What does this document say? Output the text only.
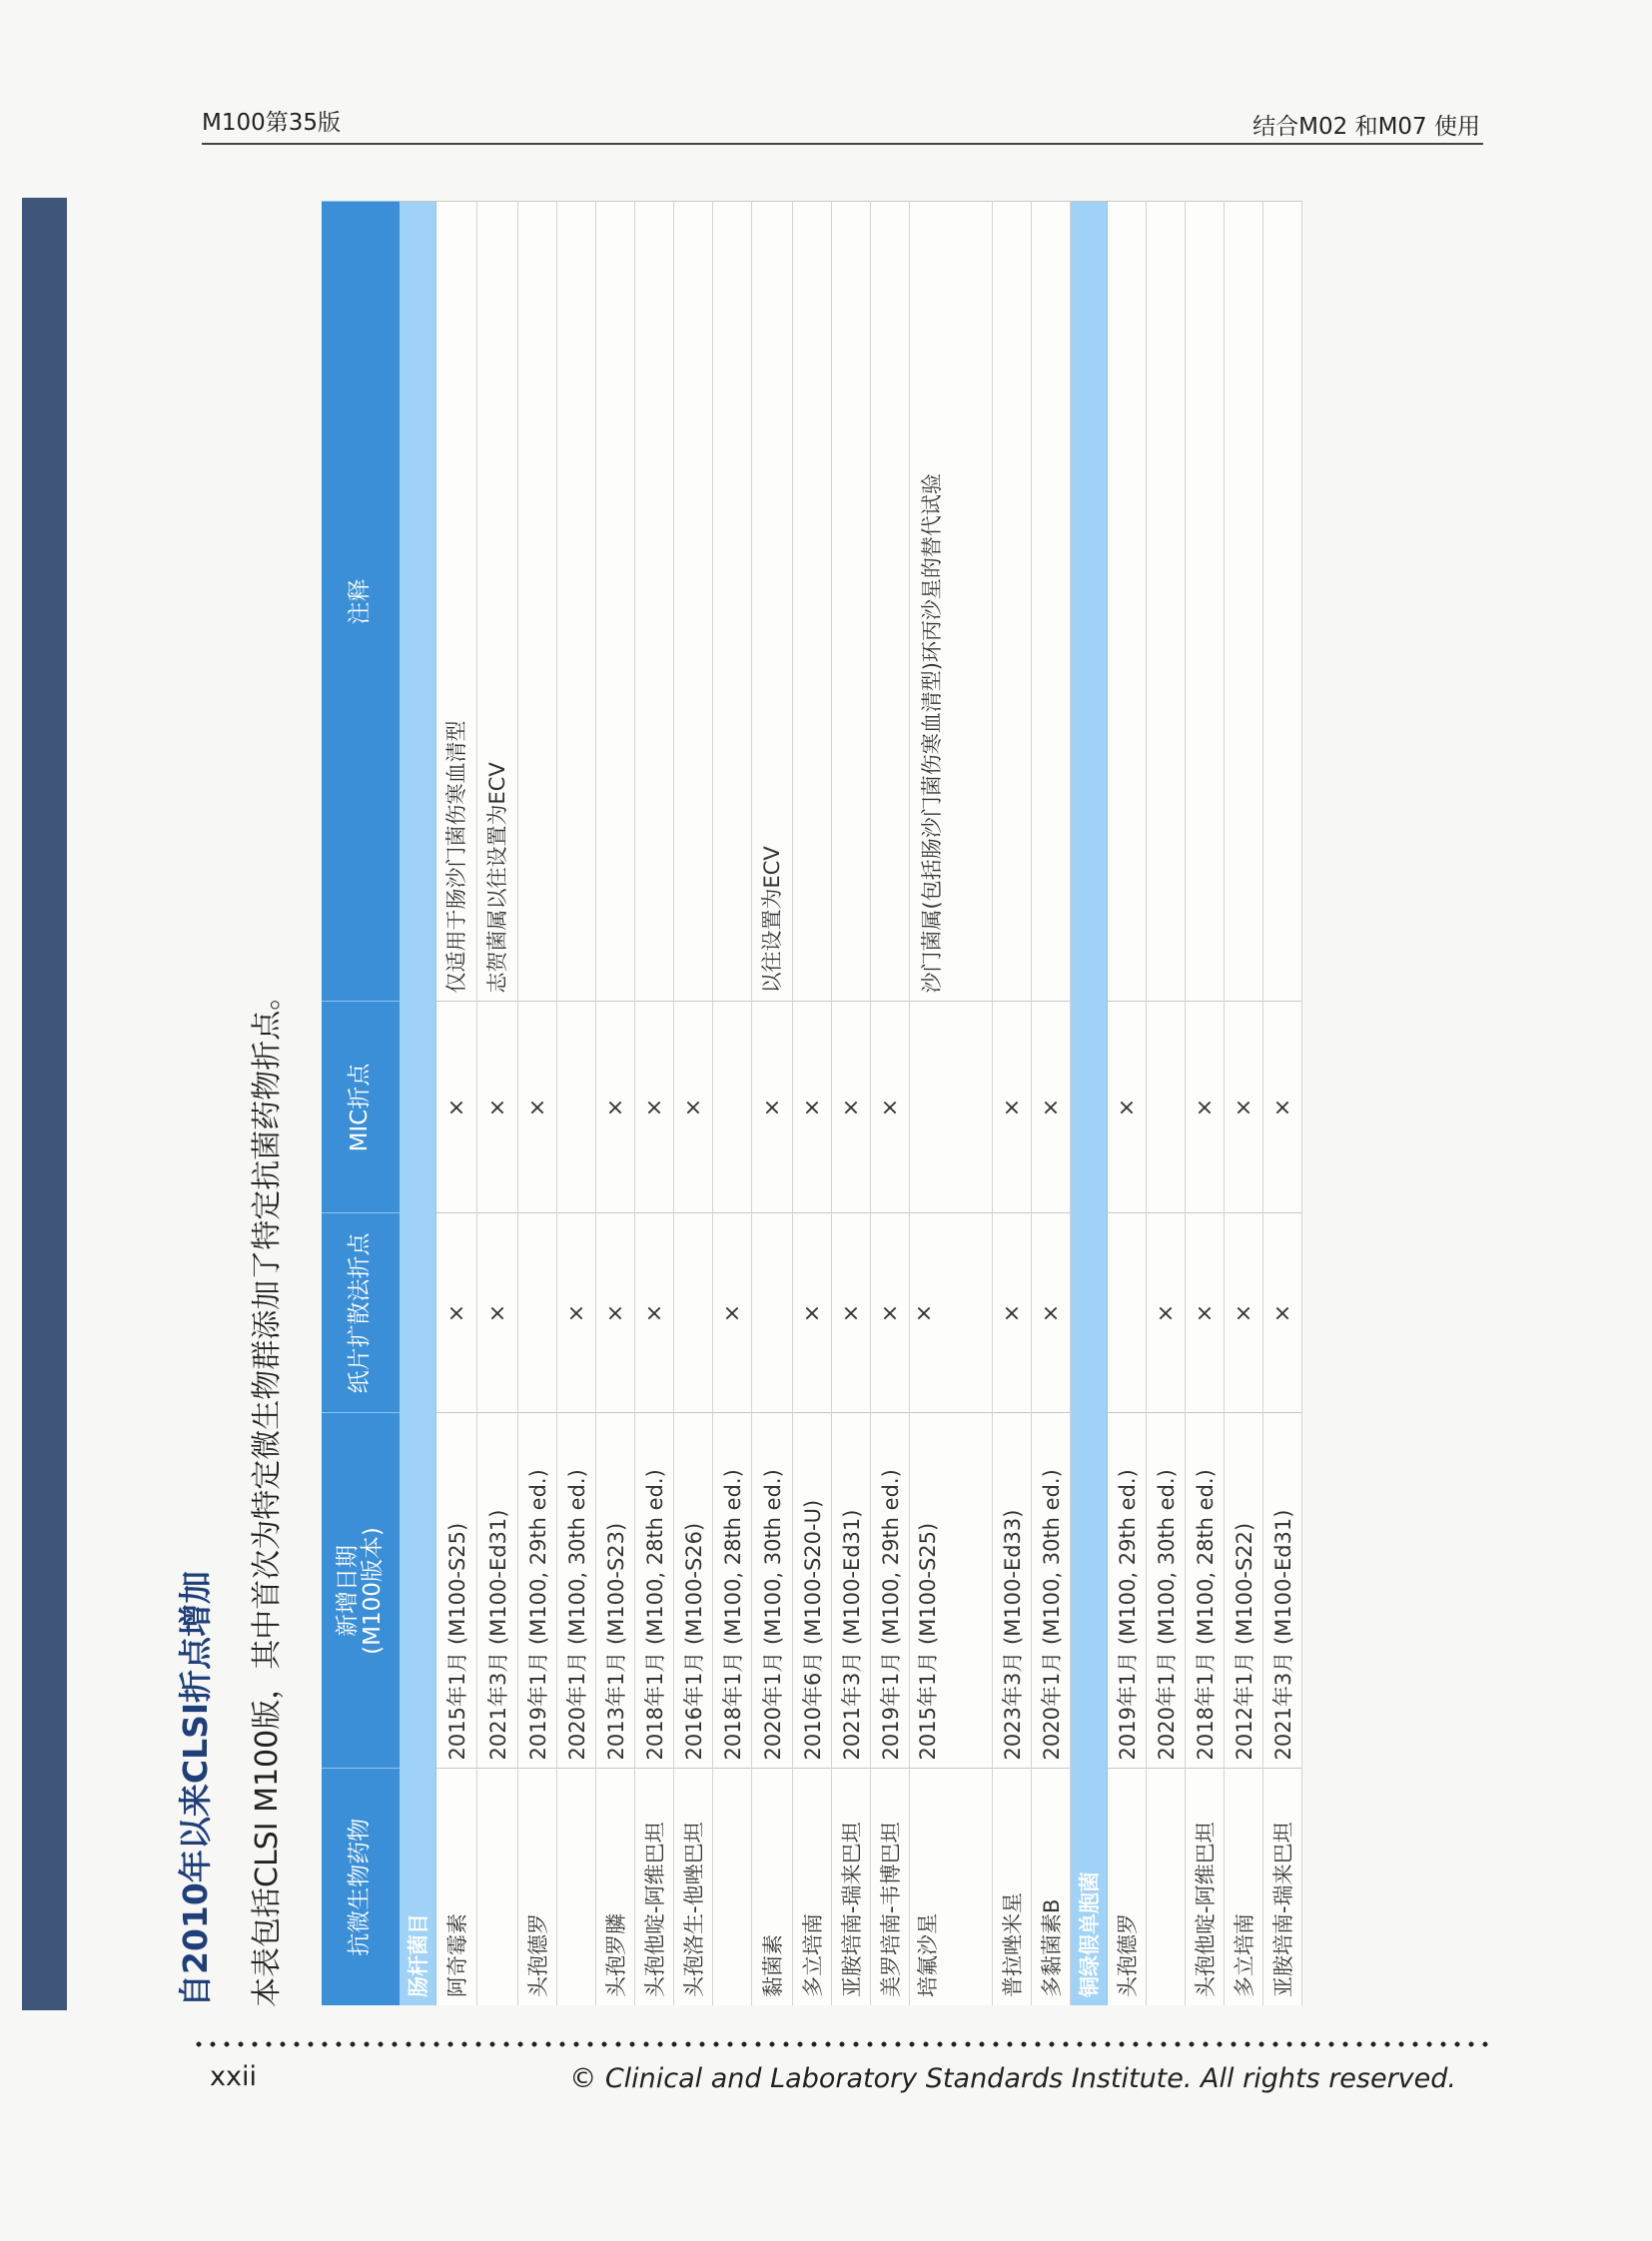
M100第35版	结合M02 和M07 使用
自2010年以来CLSI折点增加 本表包括CLSI M100版，其中首次为特定微生物群添加了特定抗菌药物折点。	抗微生物药物	新增日期 (M100版本)	纸片扩散法折点	MIC折点	注释
肠杆菌目				
阿奇霉素	2015年1月 (M100-S25)	×	×	仅适用于肠沙门菌伤寒血清型
	2021年3月 (M100-Ed31)	×	×	志贺菌属以往设置为ECV
头孢德罗	2019年1月 (M100, 29th ed.)		×	
	2020年1月 (M100, 30th ed.)	×		
头孢罗膦	2013年1月 (M100-S23)	×	×	
头孢他啶-阿维巴坦	2018年1月 (M100, 28th ed.)	×	×	
头孢洛生-他唑巴坦	2016年1月 (M100-S26)		×	
	2018年1月 (M100, 28th ed.)	×		
黏菌素	2020年1月 (M100, 30th ed.)		×	以往设置为ECV
多立培南	2010年6月 (M100-S20-U)	×	×	
亚胺培南-瑞来巴坦	2021年3月 (M100-Ed31)	×	×	
美罗培南-韦博巴坦	2019年1月 (M100, 29th ed.)	×	×	
培氟沙星	2015年1月 (M100-S25)	×		沙门菌属(包括肠沙门菌伤寒血清型)环丙沙星的替代试验
普拉唑米星	2023年3月 (M100-Ed33)	×	×	
多黏菌素B	2020年1月 (M100, 30th ed.)	×	×	
铜绿假单胞菌				
头孢德罗	2019年1月 (M100, 29th ed.)		×	
	2020年1月 (M100, 30th ed.)	×		
头孢他啶-阿维巴坦	2018年1月 (M100, 28th ed.)	×	×	
多立培南	2012年1月 (M100-S22)	×	×	
亚胺培南-瑞来巴坦	2021年3月 (M100-Ed31)	×	×	
xxii	© Clinical and Laboratory Standards Institute. All rights reserved.
